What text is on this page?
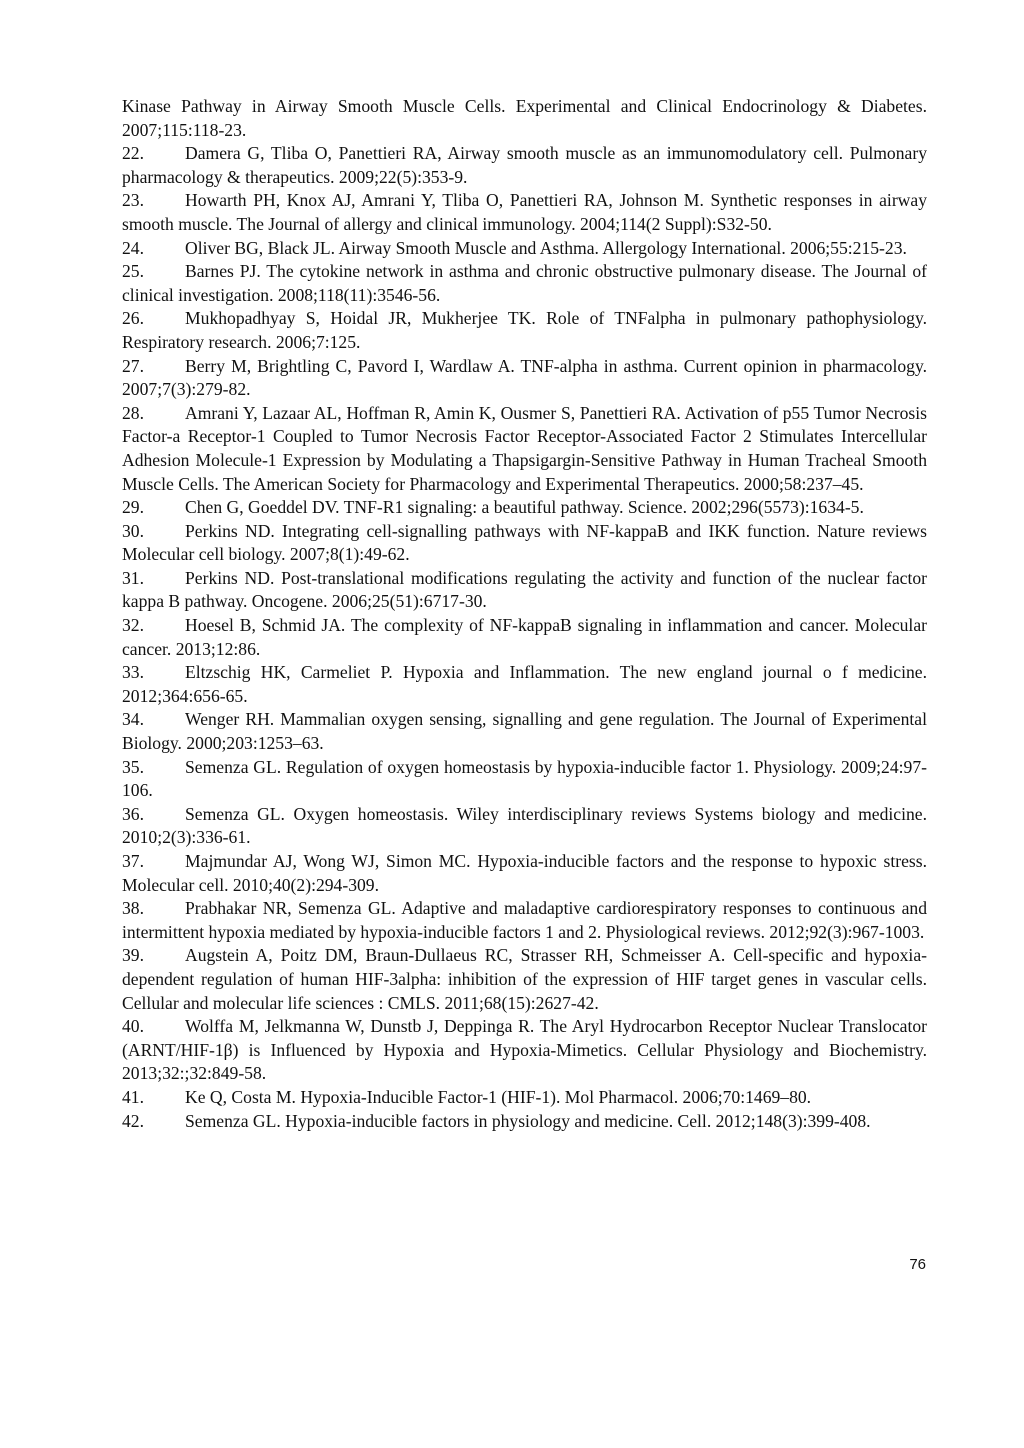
Kinase Pathway in Airway Smooth Muscle Cells. Experimental and Clinical Endocrinology & Diabetes. 2007;115:118-23.

22. Damera G, Tliba O, Panettieri RA, Airway smooth muscle as an immunomodulatory cell. Pulmonary pharmacology & therapeutics. 2009;22(5):353-9.

23. Howarth PH, Knox AJ, Amrani Y, Tliba O, Panettieri RA, Johnson M. Synthetic responses in airway smooth muscle. The Journal of allergy and clinical immunology. 2004;114(2 Suppl):S32-50.

24. Oliver BG, Black JL. Airway Smooth Muscle and Asthma. Allergology International. 2006;55:215-23.

25. Barnes PJ. The cytokine network in asthma and chronic obstructive pulmonary disease. The Journal of clinical investigation. 2008;118(11):3546-56.

26. Mukhopadhyay S, Hoidal JR, Mukherjee TK. Role of TNFalpha in pulmonary pathophysiology. Respiratory research. 2006;7:125.

27. Berry M, Brightling C, Pavord I, Wardlaw A. TNF-alpha in asthma. Current opinion in pharmacology. 2007;7(3):279-82.

28. Amrani Y, Lazaar AL, Hoffman R, Amin K, Ousmer S, Panettieri RA. Activation of p55 Tumor Necrosis Factor-a Receptor-1 Coupled to Tumor Necrosis Factor Receptor-Associated Factor 2 Stimulates Intercellular Adhesion Molecule-1 Expression by Modulating a Thapsigargin-Sensitive Pathway in Human Tracheal Smooth Muscle Cells. The American Society for Pharmacology and Experimental Therapeutics. 2000;58:237–45.

29. Chen G, Goeddel DV. TNF-R1 signaling: a beautiful pathway. Science. 2002;296(5573):1634-5.

30. Perkins ND. Integrating cell-signalling pathways with NF-kappaB and IKK function. Nature reviews Molecular cell biology. 2007;8(1):49-62.

31. Perkins ND. Post-translational modifications regulating the activity and function of the nuclear factor kappa B pathway. Oncogene. 2006;25(51):6717-30.

32. Hoesel B, Schmid JA. The complexity of NF-kappaB signaling in inflammation and cancer. Molecular cancer. 2013;12:86.

33. Eltzschig HK, Carmeliet P. Hypoxia and Inflammation. The new england journal o f medicine. 2012;364:656-65.

34. Wenger RH. Mammalian oxygen sensing, signalling and gene regulation. The Journal of Experimental Biology. 2000;203:1253–63.

35. Semenza GL. Regulation of oxygen homeostasis by hypoxia-inducible factor 1. Physiology. 2009;24:97-106.

36. Semenza GL. Oxygen homeostasis. Wiley interdisciplinary reviews Systems biology and medicine. 2010;2(3):336-61.

37. Majmundar AJ, Wong WJ, Simon MC. Hypoxia-inducible factors and the response to hypoxic stress. Molecular cell. 2010;40(2):294-309.

38. Prabhakar NR, Semenza GL. Adaptive and maladaptive cardiorespiratory responses to continuous and intermittent hypoxia mediated by hypoxia-inducible factors 1 and 2. Physiological reviews. 2012;92(3):967-1003.

39. Augstein A, Poitz DM, Braun-Dullaeus RC, Strasser RH, Schmeisser A. Cell-specific and hypoxia-dependent regulation of human HIF-3alpha: inhibition of the expression of HIF target genes in vascular cells. Cellular and molecular life sciences : CMLS. 2011;68(15):2627-42.

40. Wolffa M, Jelkmanna W, Dunstb J, Deppinga R. The Aryl Hydrocarbon Receptor Nuclear Translocator (ARNT/HIF-1β) is Influenced by Hypoxia and Hypoxia-Mimetics. Cellular Physiology and Biochemistry. 2013;32:;32:849-58.

41. Ke Q, Costa M. Hypoxia-Inducible Factor-1 (HIF-1). Mol Pharmacol. 2006;70:1469–80.

42. Semenza GL. Hypoxia-inducible factors in physiology and medicine. Cell. 2012;148(3):399-408.

76
